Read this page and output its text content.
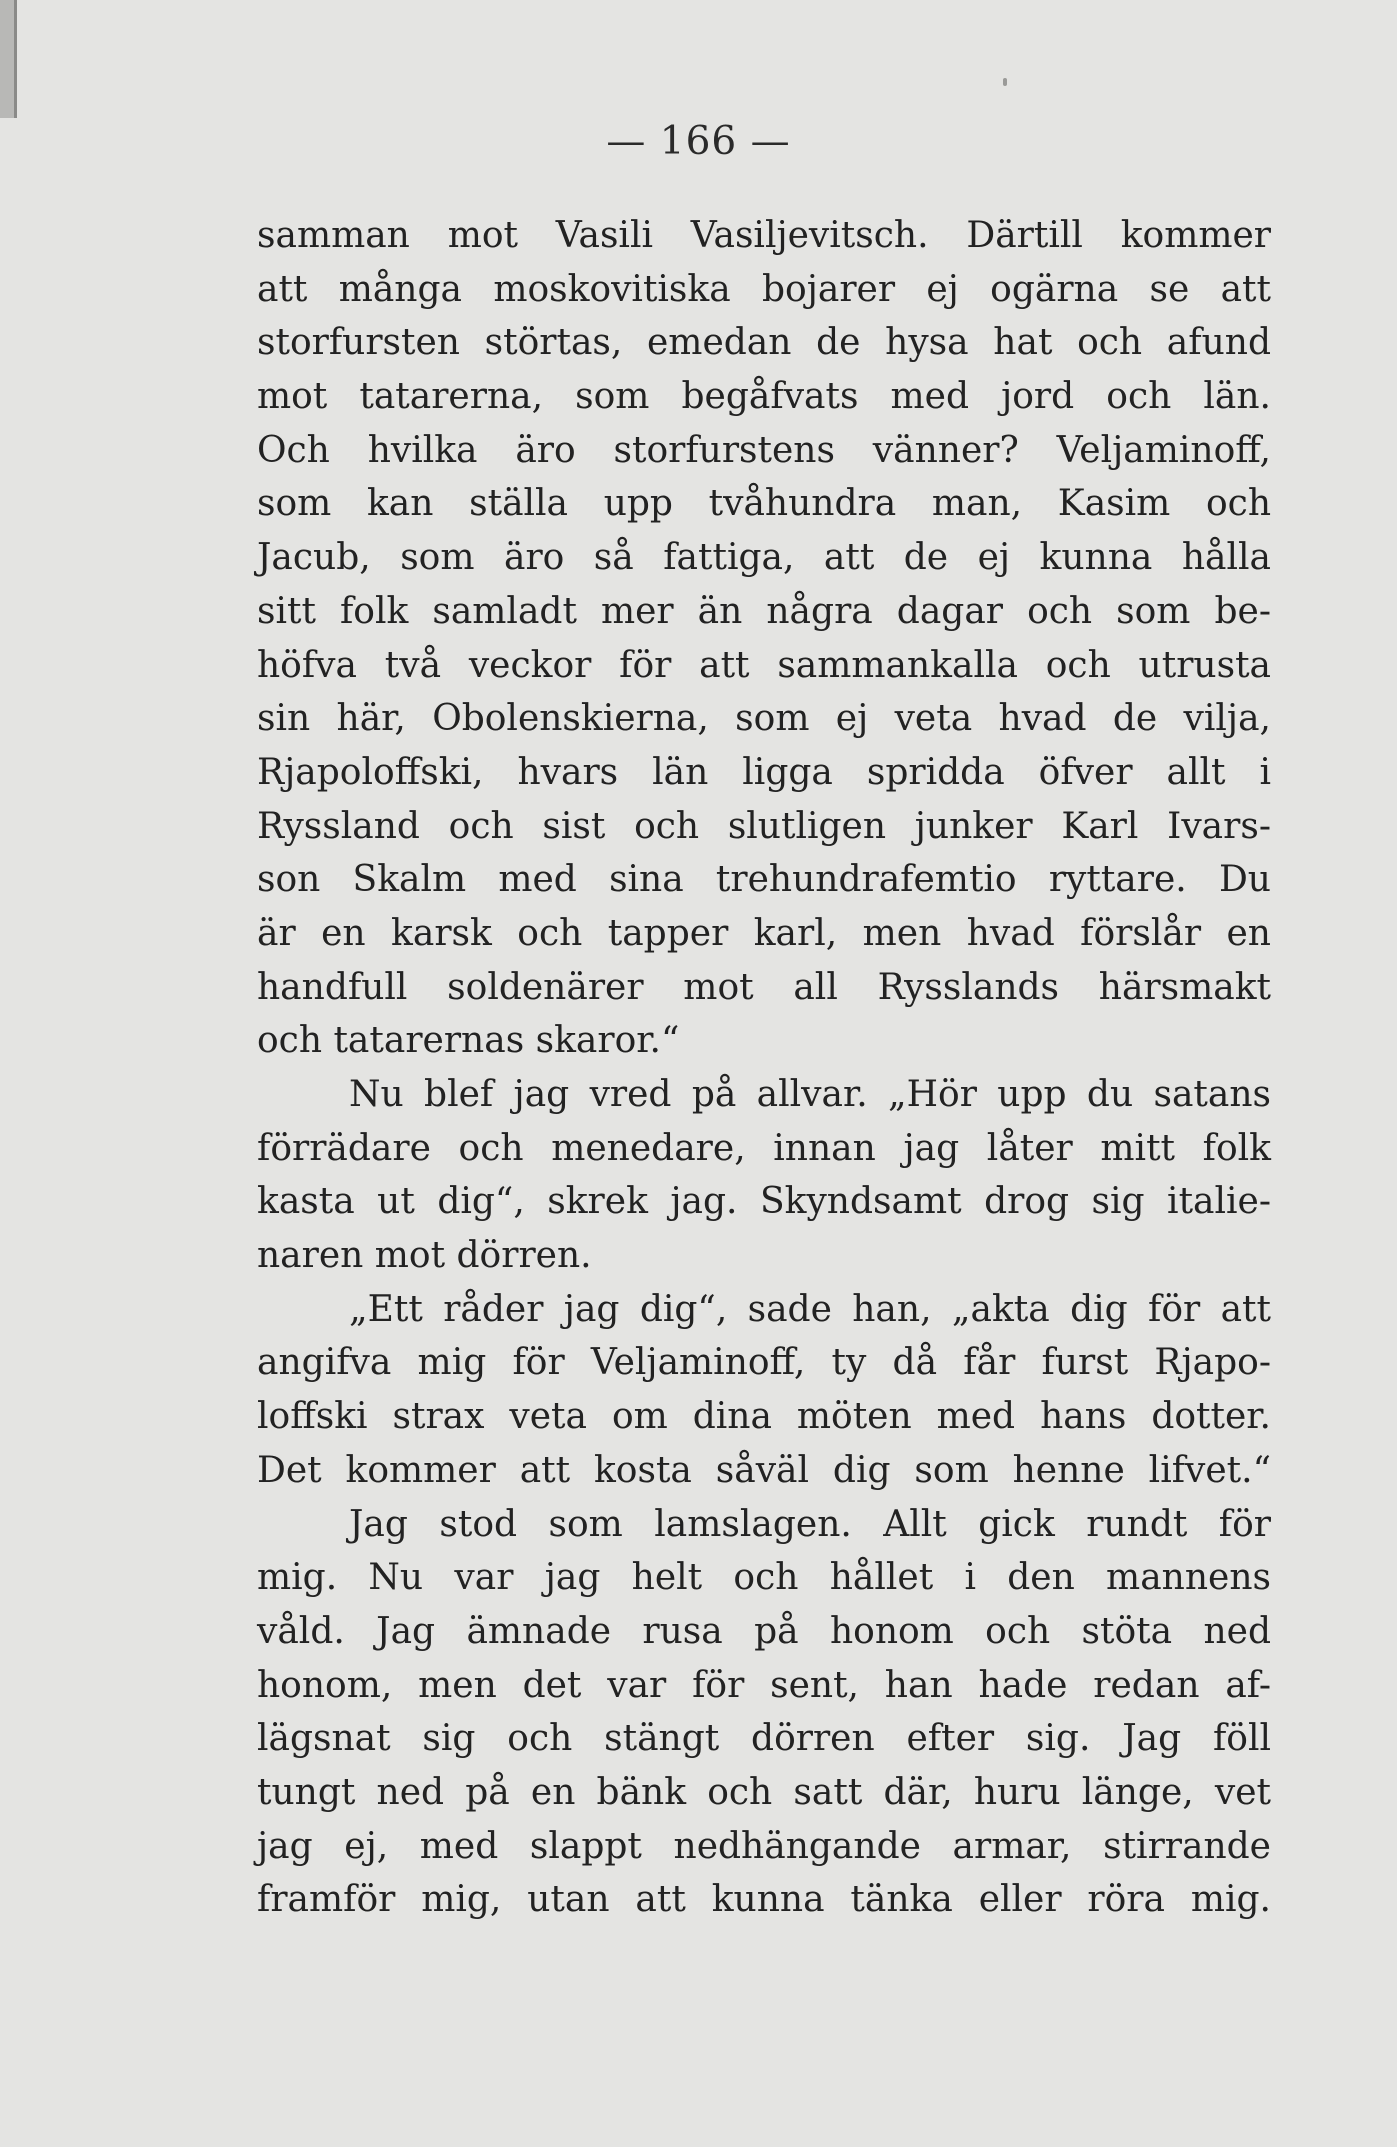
— 166 —
samman mot Vasili Vasiljevitsch. Därtill kommer
att många moskovitiska bojarer ej ogärna se att
storfursten störtas, emedan de hysa hat och afund
mot tatarerna, som begåfvats med jord och län.
Och hvilka äro storfurstens vänner? Veljaminoff,
som kan ställa upp tvåhundra man, Kasim och
Jacub, som äro så fattiga, att de ej kunna hålla
sitt folk samladt mer än några dagar och som be-
höfva två veckor för att sammankalla och utrusta
sin här, Obolenskierna, som ej veta hvad de vilja,
Rjapoloffski, hvars län ligga spridda öfver allt i
Ryssland och sist och slutligen junker Karl Ivars-
son Skalm med sina trehundrafemtio ryttare. Du
är en karsk och tapper karl, men hvad förslår en
handfull soldenärer mot all Rysslands härsmakt
och tatarernas skaror.“
Nu blef jag vred på allvar. „Hör upp du satans
förrädare och menedare, innan jag låter mitt folk
kasta ut dig“, skrek jag. Skyndsamt drog sig italie-
naren mot dörren.
„Ett råder jag dig“, sade han, „akta dig för att
angifva mig för Veljaminoff, ty då får furst Rjapo-
loffski strax veta om dina möten med hans dotter.
Det kommer att kosta såväl dig som henne lifvet.“
Jag stod som lamslagen. Allt gick rundt för
mig. Nu var jag helt och hållet i den mannens
våld. Jag ämnade rusa på honom och stöta ned
honom, men det var för sent, han hade redan af-
lägsnat sig och stängt dörren efter sig. Jag föll
tungt ned på en bänk och satt där, huru länge, vet
jag ej, med slappt nedhängande armar, stirrande
framför mig, utan att kunna tänka eller röra mig.
